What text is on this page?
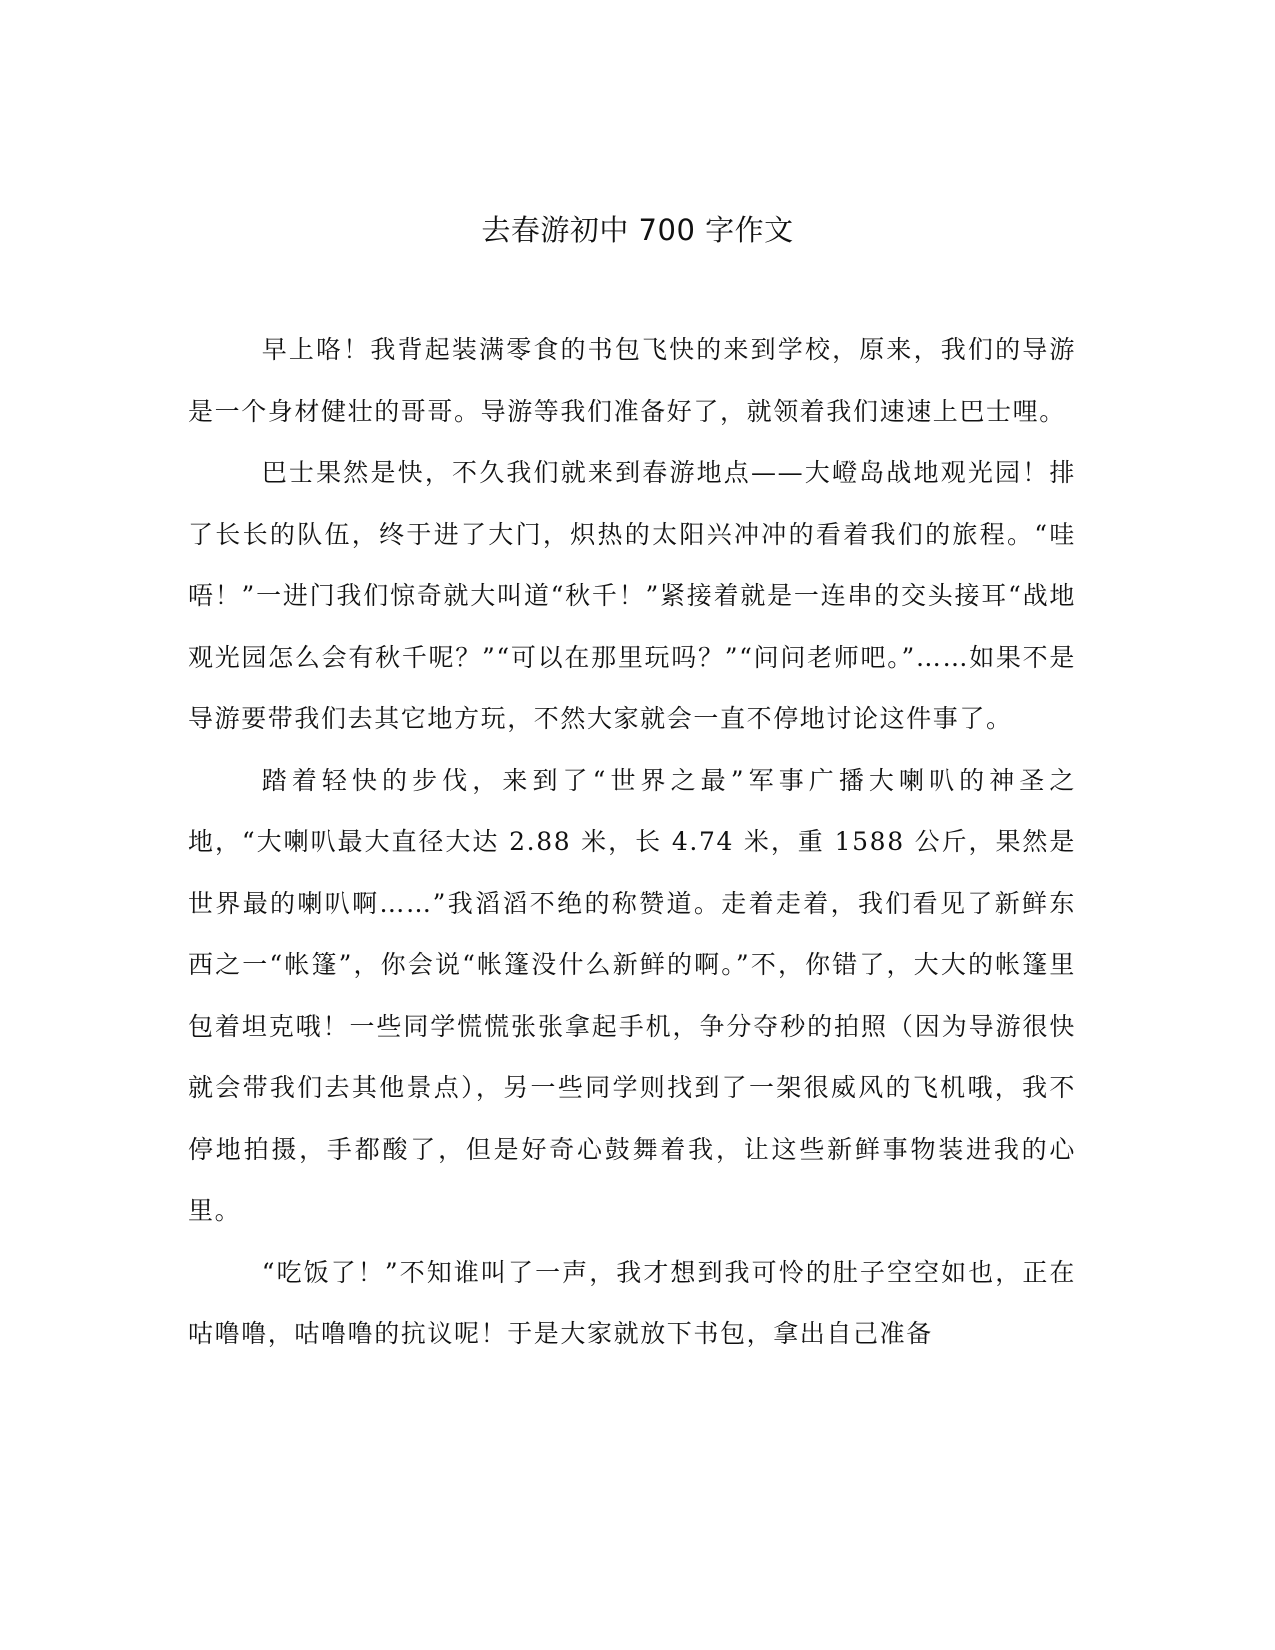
去春游初中 700 字作文

早上咯！我背起装满零食的书包飞快的来到学校，原来，我们的导游是一个身材健壮的哥哥。导游等我们准备好了，就领着我们速速上巴士哩。

巴士果然是快，不久我们就来到春游地点——大嶝岛战地观光园！排了长长的队伍，终于进了大门，炽热的太阳兴冲冲的看着我们的旅程。“哇唔！”一进门我们惊奇就大叫道“秋千！”紧接着就是一连串的交头接耳“战地观光园怎么会有秋千呢？”“可以在那里玩吗？”“问问老师吧。”……如果不是导游要带我们去其它地方玩，不然大家就会一直不停地讨论这件事了。

踏着轻快的步伐，来到了“世界之最”军事广播大喇叭的神圣之地，“大喇叭最大直径大达 2.88 米，长 4.74 米，重 1588 公斤，果然是世界最的喇叭啊……”我滔滔不绝的称赞道。走着走着，我们看见了新鲜东西之一“帐篷”，你会说“帐篷没什么新鲜的啊。”不，你错了，大大的帐篷里包着坦克哦！一些同学慌慌张张拿起手机，争分夺秒的拍照（因为导游很快就会带我们去其他景点），另一些同学则找到了一架很威风的飞机哦，我不停地拍摄，手都酸了，但是好奇心鼓舞着我，让这些新鲜事物装进我的心里。

“吃饭了！”不知谁叫了一声，我才想到我可怜的肚子空空如也，正在咕噜噜，咕噜噜的抗议呢！于是大家就放下书包，拿出自己准备
